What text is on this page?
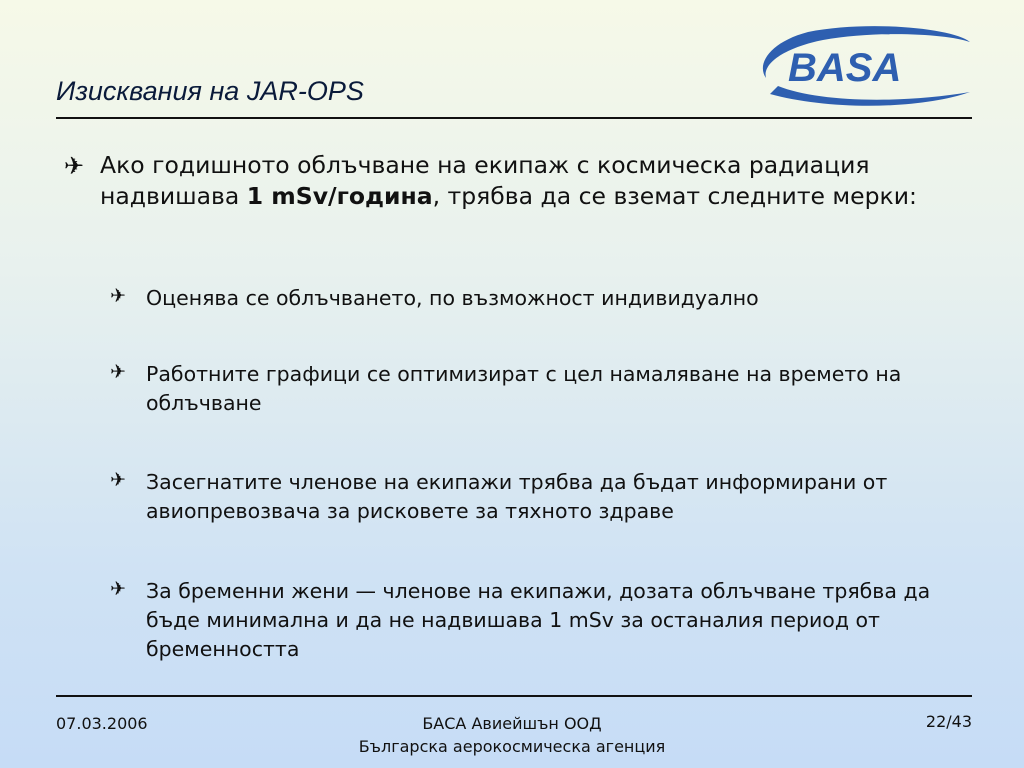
Изисквания на JAR-OPS
BASA
✈ Ако годишното облъчване на екипаж с космическа радиация надвишава 1 mSv/година, трябва да се вземат следните мерки:
✈ Оценява се облъчването, по възможност индивидуално
✈ Работните графици се оптимизират с цел намаляване на времето на облъчване
✈ Засегнатите членове на екипажи трябва да бъдат информирани от авиопревозвача за рисковете за тяхното здраве
✈ За бременни жени — членове на екипажи, дозата облъчване трябва да бъде минимална и да не надвишава 1 mSv за останалия период от бременността
07.03.2006	БАСА Авиейшън ООД
Българска аерокосмическа агенция
22/43
